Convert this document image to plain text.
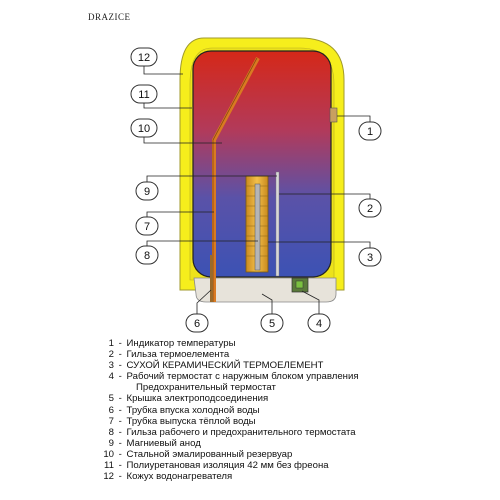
DRAZICE
12
11
10
9
7
8
6	5	4
1
2
3
1 - Индикатор температуры
2 - Гильза термоелемента
3 - СУХОЙ КЕРАМИЧЕСКИЙ ТЕРМОЕЛЕМЕНТ
4 - Рабочий термостат с наружным блоком управления
Предохранительный термостат
5 - Крышка электроподсоединения
6 - Трубка впуска холодной воды
7 - Трубка выпуска тёплой воды
8 - Гильза рабочего и предохранительного термостата
9 - Магниевый анод
10 - Стальной эмалированный резервуар
11 - Полиуретановая изоляция 42 мм без фреона
12 - Кожух водонагревателя
